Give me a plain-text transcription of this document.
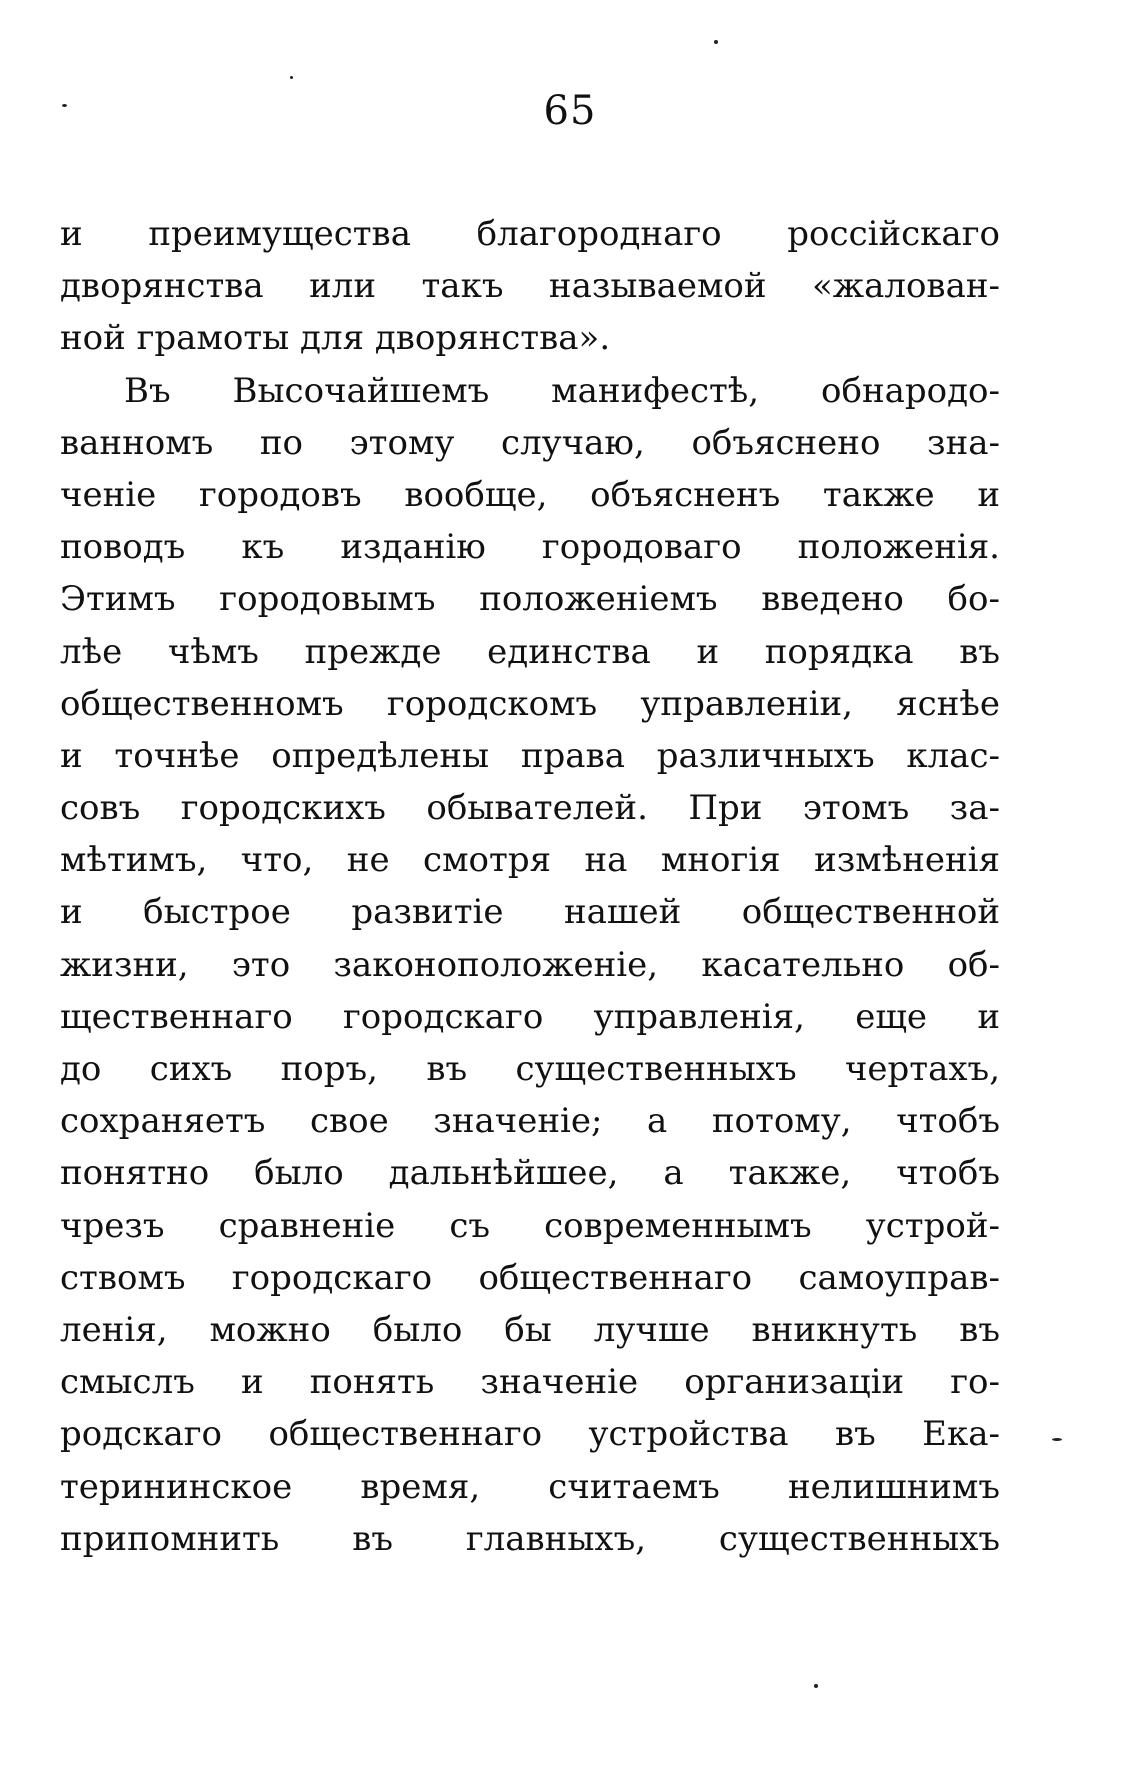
65
и преимущества благороднаго россійскаго
дворянства или такъ называемой «жалован-
ной грамоты для дворянства».
Въ Высочайшемъ манифестѣ, обнародо-
ванномъ по этому случаю, объяснено зна-
ченіе городовъ вообще, объясненъ также и
поводъ къ изданію городоваго положенія.
Этимъ городовымъ положеніемъ введено бо-
лѣе чѣмъ прежде единства и порядка въ
общественномъ городскомъ управленіи, яснѣе
и точнѣе опредѣлены права различныхъ клас-
совъ городскихъ обывателей. При этомъ за-
мѣтимъ, что, не смотря на многія измѣненія
и быстрое развитіе нашей общественной
жизни, это законоположеніе, касательно об-
щественнаго городскаго управленія, еще и
до сихъ поръ, въ существенныхъ чертахъ,
сохраняетъ свое значеніе; а потому, чтобъ
понятно было дальнѣйшее, а также, чтобъ
чрезъ сравненіе съ современнымъ устрой-
ствомъ городскаго общественнаго самоуправ-
ленія, можно было бы лучше вникнуть въ
смыслъ и понять значеніе организаціи го-
родскаго общественнаго устройства въ Ека-
терининское время, считаемъ нелишнимъ
припомнить въ главныхъ, существенныхъ
